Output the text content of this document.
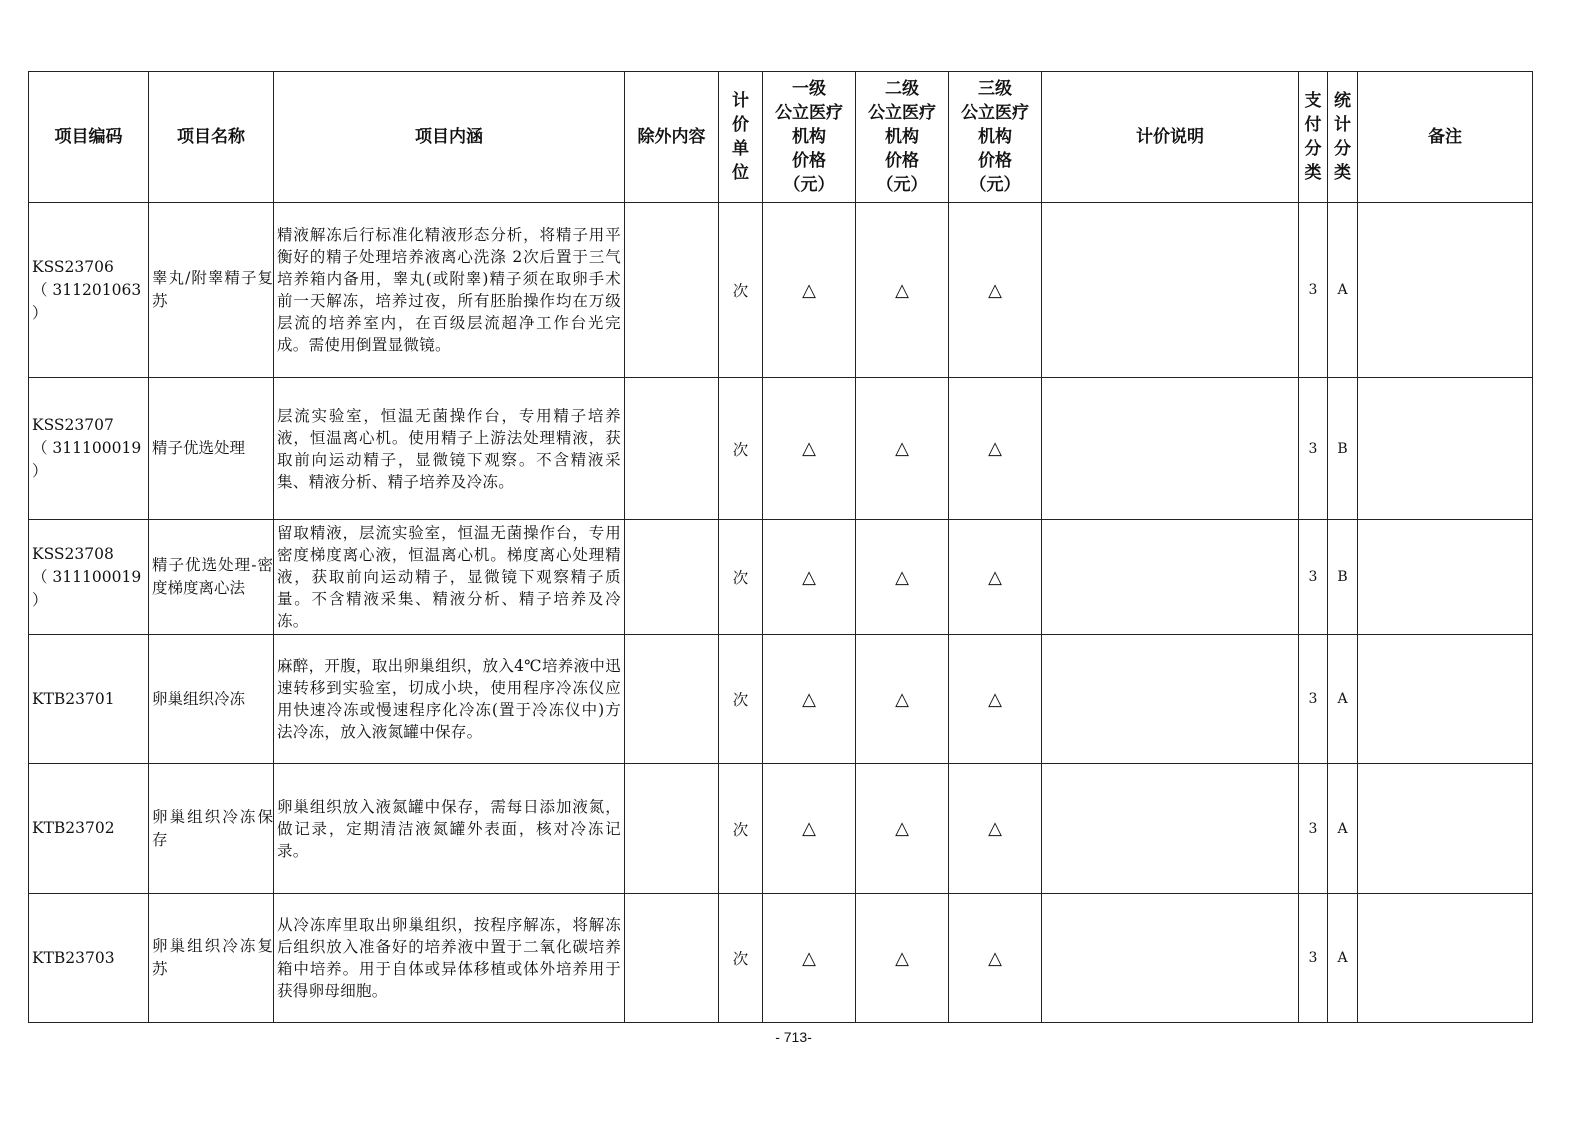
项目编码	项目名称	项目内涵	除外内容	计
价
单
位	一级
公立医疗
机构
价格
（元）	二级
公立医疗
机构
价格
（元）	三级
公立医疗
机构
价格
（元）	计价说明	支
付
分
类	统
计
分
类	备注

KSS23706
（ 311201063
）	睾丸/附睾精子复苏	精液解冻后行标准化精液形态分析，将精子用平衡好的精子处理培养液离心洗涤 2次后置于三气培养箱内备用，睾丸(或附睾)精子须在取卵手术前一天解冻，培养过夜，所有胚胎操作均在万级层流的培养室内，在百级层流超净工作台光完成。需使用倒置显微镜。		次	△	△	△		3	A	

KSS23707
（ 311100019
）	精子优选处理	层流实验室，恒温无菌操作台，专用精子培养液，恒温离心机。使用精子上游法处理精液，获取前向运动精子，显微镜下观察。不含精液采集、精液分析、精子培养及冷冻。		次	△	△	△		3	B	

KSS23708
（ 311100019
）	精子优选处理-密度梯度离心法	留取精液，层流实验室，恒温无菌操作台，专用密度梯度离心液，恒温离心机。梯度离心处理精液，获取前向运动精子，显微镜下观察精子质量。不含精液采集、精液分析、精子培养及冷冻。		次	△	△	△		3	B	

KTB23701	卵巢组织冷冻	麻醉，开腹，取出卵巢组织，放入4℃培养液中迅速转移到实验室，切成小块，使用程序冷冻仪应用快速冷冻或慢速程序化冷冻(置于冷冻仪中)方法冷冻，放入液氮罐中保存。		次	△	△	△		3	A	

KTB23702	卵巢组织冷冻保存	卵巢组织放入液氮罐中保存，需每日添加液氮，做记录，定期清洁液氮罐外表面，核对冷冻记录。		次	△	△	△		3	A	

KTB23703	卵巢组织冷冻复苏	从冷冻库里取出卵巢组织，按程序解冻，将解冻后组织放入准备好的培养液中置于二氧化碳培养箱中培养。用于自体或异体移植或体外培养用于获得卵母细胞。		次	△	△	△		3	A	
- 713-
